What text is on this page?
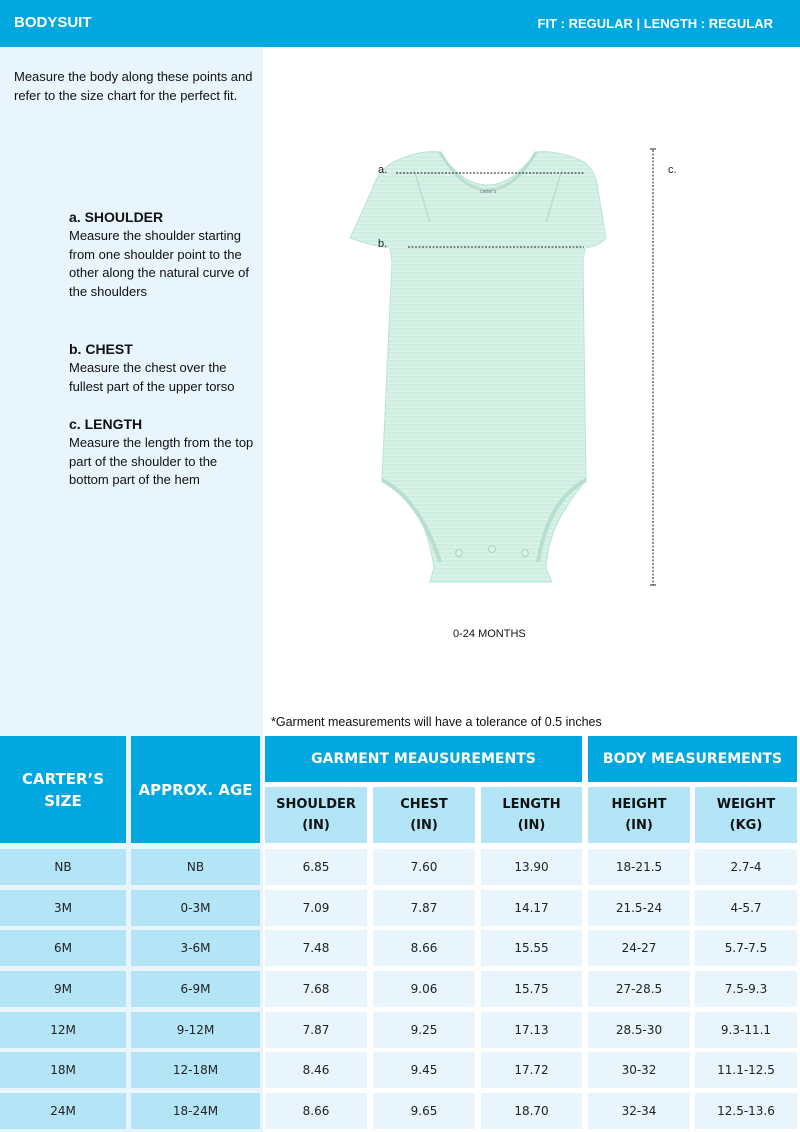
BODYSUIT	FIT : REGULAR | LENGTH : REGULAR

Measure the body along these points and refer to the size chart for the perfect fit.

a. SHOULDER
Measure the shoulder starting from one shoulder point to the other along the natural curve of the shoulders
b. CHEST
Measure the chest over the fullest part of the upper torso
c. LENGTH
Measure the length from the top part of the shoulder to the bottom part of the hem
carter's
a.
b.
c.
0-24 MONTHS
*Garment measurements will have a tolerance of 0.5 inches
CARTER’S SIZE
APPROX. AGE
GARMENT MEAUSUREMENTS	BODY MEASUREMENTS
SHOULDER (IN)
CHEST (IN)
LENGTH (IN)
HEIGHT (IN)
WEIGHT (KG)
NB	NB	6.85	7.60	13.90	18-21.5	2.7-4
3M	0-3M	7.09	7.87	14.17	21.5-24	4-5.7
6M	3-6M	7.48	8.66	15.55	24-27	5.7-7.5
9M	6-9M	7.68	9.06	15.75	27-28.5	7.5-9.3
12M	9-12M	7.87	9.25	17.13	28.5-30	9.3-11.1
18M	12-18M	8.46	9.45	17.72	30-32	11.1-12.5
24M	18-24M	8.66	9.65	18.70	32-34	12.5-13.6
